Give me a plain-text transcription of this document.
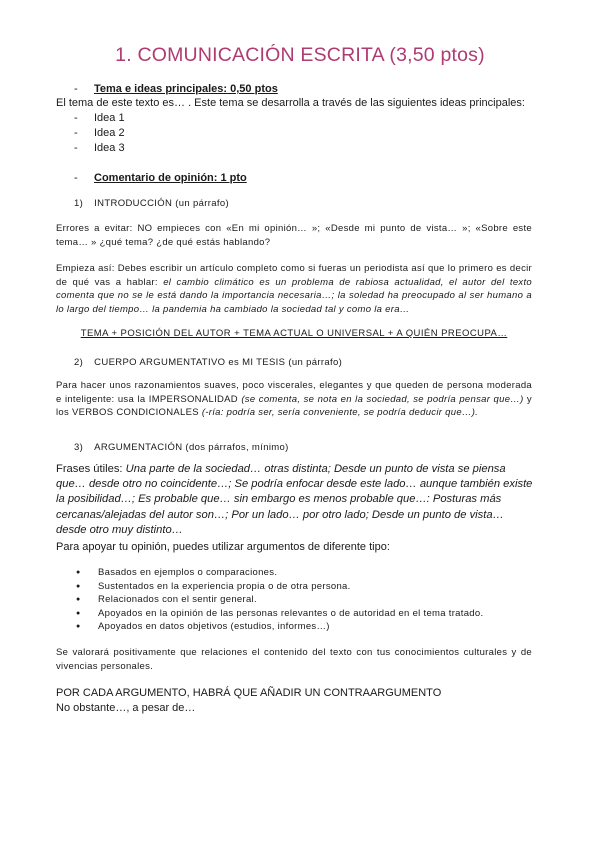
1. COMUNICACIÓN ESCRITA (3,50 ptos)
- Tema e ideas principales: 0,50 ptos
El tema de este texto es… . Este tema se desarrolla a través de las siguientes ideas principales:
- Idea 1
- Idea 2
- Idea 3
- Comentario de opinión: 1 pto
1) INTRODUCCIÓN (un párrafo)
Errores a evitar: NO empieces con «En mi opinión… »; «Desde mi punto de vista… »; «Sobre este tema… » ¿qué tema? ¿de qué estás hablando?
Empieza así: Debes escribir un artículo completo como si fueras un periodista así que lo primero es decir de qué vas a hablar: el cambio climático es un problema de rabiosa actualidad, el autor del texto comenta que no se le está dando la importancia necesaria…; la soledad ha preocupado al ser humano a lo largo del tiempo… la pandemia ha cambiado la sociedad tal y como la era…
TEMA + POSICIÓN DEL AUTOR + TEMA ACTUAL O UNIVERSAL + A QUIÉN PREOCUPA…
2) CUERPO ARGUMENTATIVO es MI TESIS (un párrafo)
Para hacer unos razonamientos suaves, poco viscerales, elegantes y que queden de persona moderada e inteligente: usa la IMPERSONALIDAD (se comenta, se nota en la sociedad, se podría pensar que…) y los VERBOS CONDICIONALES (-ría: podría ser, sería conveniente, se podría deducir que…).
3) ARGUMENTACIÓN (dos párrafos, mínimo)
Frases útiles: Una parte de la sociedad… otras distinta; Desde un punto de vista se piensa que… desde otro no coincidente…; Se podría enfocar desde este lado… aunque también existe la posibilidad…; Es probable que… sin embargo es menos probable que…: Posturas más cercanas/alejadas del autor son…; Por un lado… por otro lado; Desde un punto de vista… desde otro muy distinto…
Para apoyar tu opinión, puedes utilizar argumentos de diferente tipo:
● Basados en ejemplos o comparaciones.
● Sustentados en la experiencia propia o de otra persona.
● Relacionados con el sentir general.
● Apoyados en la opinión de las personas relevantes o de autoridad en el tema tratado.
● Apoyados en datos objetivos (estudios, informes…)
Se valorará positivamente que relaciones el contenido del texto con tus conocimientos culturales y de vivencias personales.
POR CADA ARGUMENTO, HABRÁ QUE AÑADIR UN CONTRAARGUMENTO
No obstante…, a pesar de…
